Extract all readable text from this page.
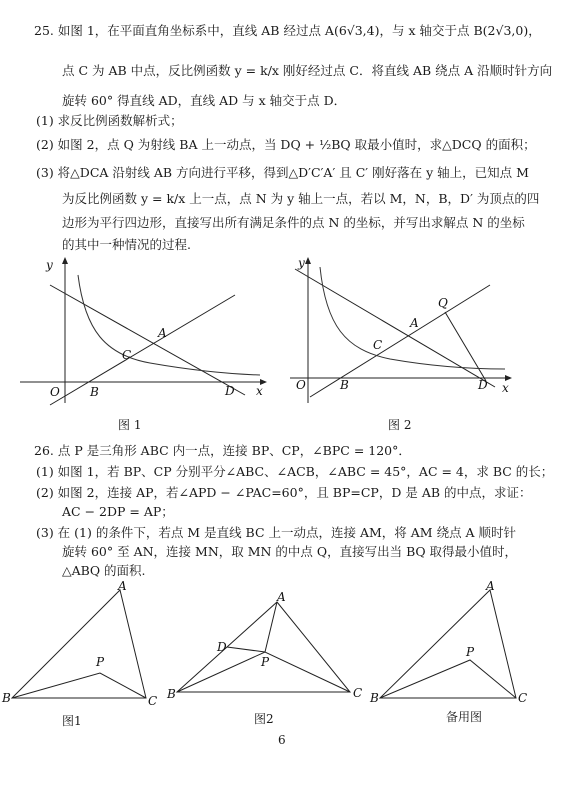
25. 如图 1，在平面直角坐标系中，直线 AB 经过点 A(6√3,4)，与 x 轴交于点 B(2√3,0)，
点 C 为 AB 中点，反比例函数 y = k/x 刚好经过点 C．将直线 AB 绕点 A 沿顺时针方向
旋转 60° 得直线 AD，直线 AD 与 x 轴交于点 D．
(1) 求反比例函数解析式；
(2) 如图 2，点 Q 为射线 BA 上一动点，当 DQ + ½BQ 取最小值时，求△DCQ 的面积；
(3) 将△DCA 沿射线 AB 方向进行平移，得到△D′C′A′ 且 C′ 刚好落在 y 轴上，已知点 M
为反比例函数 y = k/x 上一点，点 N 为 y 轴上一点，若以 M，N，B，D′ 为顶点的四
边形为平行四边形，直接写出所有满足条件的点 N 的坐标，并写出求解点 N 的坐标
的其中一种情况的过程.
y
x
O	B
C
A
D
图 1
y
x
O	B
C
A
Q
D
图 2
26. 点 P 是三角形 ABC 内一点，连接 BP、CP，∠BPC = 120°．
(1) 如图 1，若 BP、CP 分别平分∠ABC、∠ACB，∠ABC = 45°，AC = 4，求 BC 的长；
(2) 如图 2，连接 AP，若∠APD − ∠PAC=60°，且 BP=CP，D 是 AB 的中点，求证：
AC − 2DP = AP；
(3) 在 (1) 的条件下，若点 M 是直线 BC 上一动点，连接 AM，将 AM 绕点 A 顺时针
旋转 60° 至 AN，连接 MN，取 MN 的中点 Q，直接写出当 BQ 取得最小值时，
△ABQ 的面积.
A
B	C
P
图1
A
B	C
P
D
图2
A
B	C
P
备用图
6
